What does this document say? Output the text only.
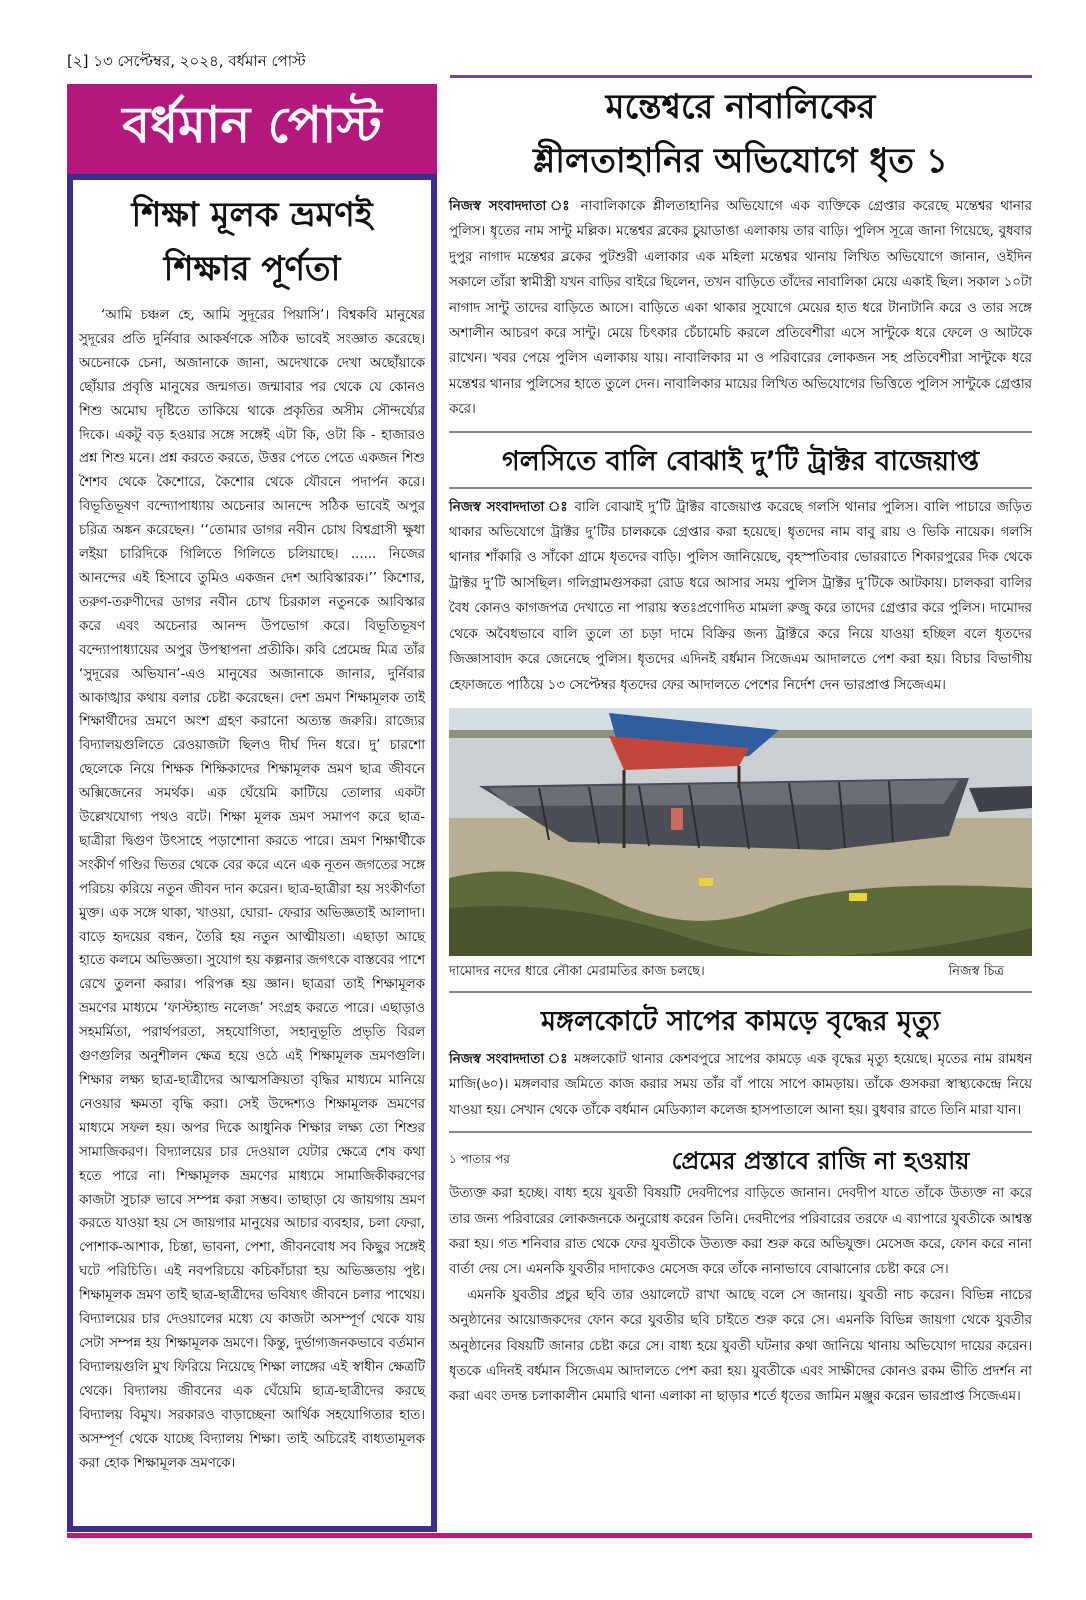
[২] ১৩ সেপ্টেম্বর, ২০২৪, বর্ধমান পোস্ট
বর্ধমান পোস্ট
শিক্ষা মূলক ভ্রমণই
শিক্ষার পূর্ণতা

‘আমি চঞ্চল হে, আমি সুদূরের পিয়াসি’। বিশ্বকবি মানুষের সুদূরের প্রতি দুর্নিবার আকর্ষণকে সঠিক ভাবেই সংজ্ঞাত করেছে। অচেনাকে চেনা, অজানাকে জানা, অদেখাকে দেখা অছোঁয়াকে ছোঁয়ার প্রবৃত্তি মানুষের জন্মগত। জন্মাবার পর থেকে যে কোনও শিশু অমোঘ দৃষ্টিতে তাকিয়ে থাকে প্রকৃতির অসীম সৌন্দর্য্যের দিকে। একটু বড় হওয়ার সঙ্গে সঙ্গেই এটা কি, ওটা কি - হাজারও প্রশ্ন শিশু মনে। প্রশ্ন করতে করতে, উত্তর পেতে পেতে একজন শিশু শৈশব থেকে কৈশোরে, কৈশোর থেকে যৌবনে পদার্পন করে। বিভূতিভূষণ বন্দ্যোপাধ্যায় অচেনার আনন্দে সঠিক ভাবেই অপুর চরিত্র অঙ্কন করেছেন। ‘‘তোমার ডাগর নবীন চোখ বিশ্বগ্রাসী ক্ষুধা লইয়া চারিদিকে গিলিতে গিলিতে চলিয়াছে। ...... নিজের আনন্দের এই হিসাবে তুমিও একজন দেশ আবিস্কারক।’’ কিশোর, তরুণ-তরুণীদের ডাগর নবীন চোখ চিরকাল নতুনকে আবিস্কার করে এবং অচেনার আনন্দ উপভোগ করে। বিভূতিভূষণ বন্দ্যোপাধ্যায়ের অপুর উপস্থাপনা প্রতীকি। কবি প্রেমেন্দ্র মিত্র তাঁর ‘সুদূরের অভিযান’-এও মানুষের অজানাকে জানার, দুর্নিবার আকাঙ্খার কথায় বলার চেষ্টা করেছেন। দেশ ভ্রমণ শিক্ষামূলক তাই শিক্ষার্থীদের ভ্রমণে অংশ গ্রহণ করানো অত্যন্ত জরুরি। রাজ্যের বিদ্যালয়গুলিতে রেওয়াজটা ছিলও দীর্ঘ দিন ধরে। দু’ চারশো ছেলেকে নিয়ে শিক্ষক শিক্ষিকাদের শিক্ষামূলক ভ্রমণ ছাত্র জীবনে অক্সিজেনের সমর্থক। এক ঘেঁয়েমি কাটিয়ে তোলার একটা উল্লেখযোগ্য পথও বটে। শিক্ষা মূলক ভ্রমণ সমাপণ করে ছাত্র-ছাত্রীরা দ্বিগুণ উৎসাহে পড়াশোনা করতে পারে। ভ্রমণ শিক্ষার্থীকে সংকীর্ণ গণ্ডির ভিতর থেকে বের করে এনে এক নূতন জগতের সঙ্গে পরিচয় করিয়ে নতুন জীবন দান করেন। ছাত্র-ছাত্রীরা হয় সংকীর্ণতা মুক্ত। এক সঙ্গে থাকা, খাওয়া, ঘোরা- ফেরার অভিজ্ঞতাই আলাদা। বাড়ে হৃদয়ের বন্ধন, তৈরি হয় নতুন আত্মীয়তা। এছাড়া আছে হাতে কলমে অভিজ্ঞতা। সুযোগ হয় কল্পনার জগৎকে বাস্তবের পাশে রেখে তুলনা করার। পরিপক্ক হয় জ্ঞান। ছাত্ররা তাই শিক্ষামূলক ভ্রমণের মাধ্যমে ‘ফাস্টহ্যান্ড নলেজ’ সংগ্রহ করতে পারে। এছাড়াও সহমর্মিতা, পরার্থপরতা, সহযোগিতা, সহানুভূতি প্রভৃতি বিরল গুণগুলির অনুশীলন ক্ষেত্র হয়ে ওঠে এই শিক্ষামূলক ভ্রমণগুলি। শিক্ষার লক্ষ্য ছাত্র-ছাত্রীদের আত্মসক্রিয়তা বৃদ্ধির মাধ্যমে মানিয়ে নেওয়ার ক্ষমতা বৃদ্ধি করা। সেই উদ্দেশ্যও শিক্ষামূলক ভ্রমণের মাধ্যমে সফল হয়। অপর দিকে আধুনিক শিক্ষার লক্ষ্য তো শিশুর সামাজিকরণ। বিদ্যালয়ের চার দেওয়াল যেটার ক্ষেত্রে শেষ কথা হতে পারে না। শিক্ষামূলক ভ্রমণের মাধ্যমে সামাজিকীকরণের কাজটা সুচারু ভাবে সম্পন্ন করা সম্ভব। তাছাড়া যে জায়গায় ভ্রমণ করতে যাওয়া হয় সে জায়গার মানুষের আচার ব্যবহার, চলা ফেরা, পোশাক-আশাক, চিন্তা, ভাবনা, পেশা, জীবনবোধ সব কিছুর সঙ্গেই ঘটে পরিচিতি। এই নবপরিচয়ে কচিকাঁচারা হয় অভিজ্ঞতায় পুষ্ট। শিক্ষামূলক ভ্রমণ তাই ছাত্র-ছাত্রীদের ভবিষ্যৎ জীবনে চলার পাথেয়। বিদ্যালয়ের চার দেওয়ালের মধ্যে যে কাজটা অসম্পূর্ণ থেকে যায় সেটা সম্পন্ন হয় শিক্ষামূলক ভ্রমণে। কিন্তু, দুর্ভাগ্যজনকভাবে বর্তমান বিদ্যালয়গুলি মুখ ফিরিয়ে নিয়েছে শিক্ষা লাঙ্গের এই স্বাধীন ক্ষেত্রটি থেকে। বিদ্যালয় জীবনের এক ঘেঁয়েমি ছাত্র-ছাত্রীদের করছে বিদ্যালয় বিমুখ। সরকারও বাড়াচ্ছেনা আর্থিক সহযোগিতার হাত। অসম্পূর্ণ থেকে যাচ্ছে বিদ্যালয় শিক্ষা। তাই অচিরেই বাধ্যতামূলক করা হোক শিক্ষামূলক ভ্রমণকে।

মন্তেশ্বরে নাবালিকের
শ্লীলতাহানির অভিযোগে ধৃত ১

নিজস্ব সংবাদদাতা ঃ নাবালিকাকে শ্লীলতাহানির অভিযোগে এক ব্যক্তিকে গ্রেপ্তার করেছে মন্তেশ্বর থানার পুলিস। ধৃতের নাম সান্টু মল্লিক। মন্তেশ্বর ব্লকের চুয়াডাঙা এলাকায় তার বাড়ি। পুলিস সূত্রে জানা গিয়েছে, বুধবার দুপুর নাগাদ মন্তেশ্বর ব্লকের পুটশুরী এলাকার এক মহিলা মন্তেশ্বর থানায় লিখিত অভিযোগে জানান, ওইদিন সকালে তাঁরা স্বামীস্ত্রী যখন বাড়ির বাইরে ছিলেন, তখন বাড়িতে তাঁদের নাবালিকা মেয়ে একাই ছিল। সকাল ১০টা নাগাদ সান্টু তাদের বাড়িতে আসে। বাড়িতে একা থাকার সুযোগে মেয়ের হাত ধরে টানাটানি করে ও তার সঙ্গে অশালীন আচরণ করে সান্টু। মেয়ে চিৎকার চেঁচামেচি করলে প্রতিবেশীরা এসে সান্টুকে ধরে ফেলে ও আটকে রাখেন। খবর পেয়ে পুলিস এলাকায় যায়। নাবালিকার মা ও পরিবারের লোকজন সহ প্রতিবেশীরা সান্টুকে ধরে মন্তেশ্বর থানার পুলিসের হাতে তুলে দেন। নাবালিকার মায়ের লিখিত অভিযোগের ভিত্তিতে পুলিস সান্টুকে গ্রেপ্তার করে।

গলসিতে বালি বোঝাই দু’টি ট্রাক্টর বাজেয়াপ্ত

নিজস্ব সংবাদদাতা ঃ বালি বোঝাই দু’টি ট্রাক্টর বাজেয়াপ্ত করেছে গলসি থানার পুলিস। বালি পাচারে জড়িত থাকার অভিযোগে ট্রাক্টর দু’টির চালককে গ্রেপ্তার করা হয়েছে। ধৃতদের নাম বাবু রায় ও ভিকি নায়েক। গলসি থানার শাঁকারি ও সাঁকো গ্রামে ধৃতদের বাড়ি। পুলিস জানিয়েছে, বৃহস্পতিবার ভোররাতে শিকারপুরের দিক থেকে ট্রাক্টর দু’টি আসছিল। গলিগ্রামগুসকরা রোড ধরে আসার সময় পুলিস ট্রাক্টর দু’টিকে আটকায়। চালকরা বালির বৈধ কোনও কাগজপত্র দেখাতে না পারায় স্বতঃপ্রণোদিত মামলা রুজু করে তাদের গ্রেপ্তার করে পুলিস। দামোদর থেকে অবৈধভাবে বালি তুলে তা চড়া দামে বিক্রির জন্য ট্রাক্টরে করে নিয়ে যাওয়া হচ্ছিল বলে ধৃতদের জিজ্ঞাসাবাদ করে জেনেছে পুলিস। ধৃতদের এদিনই বর্ধমান সিজেএম আদালতে পেশ করা হয়। বিচার বিভাগীয় হেফাজতে পাঠিয়ে ১৩ সেপ্টেম্বর ধৃতদের ফের আদালতে পেশের নির্দেশ দেন ভারপ্রাপ্ত সিজেএম।

দামোদর নদের ধারে নৌকা মেরামতির কাজ চলছে।	নিজস্ব চিত্র
মঙ্গলকোটে সাপের কামড়ে বৃদ্ধের মৃত্যু

নিজস্ব সংবাদদাতা ঃ মঙ্গলকোট থানার কেশবপুরে সাপের কামড়ে এক বৃদ্ধের মৃত্যু হয়েছে। মৃতের নাম রামধন মাজি(৬০)। মঙ্গলবার জমিতে কাজ করার সময় তাঁর বাঁ পায়ে সাপে কামড়ায়। তাঁকে গুসকরা স্বাস্থ্যকেন্দ্রে নিয়ে যাওয়া হয়। সেখান থেকে তাঁকে বর্ধমান মেডিক্যাল কলেজ হাসপাতালে আনা হয়। বুধবার রাতে তিনি মারা যান।

১ পাতার পর	প্রেমের প্রস্তাবে রাজি না হওয়ায়

উত্যক্ত করা হচ্ছে। বাধ্য হয়ে যুবতী বিষয়টি দেবদীপের বাড়িতে জানান। দেবদীপ যাতে তাঁকে উত্যক্ত না করে তার জন্য পরিবারের লোকজনকে অনুরোধ করেন তিনি। দেবদীপের পরিবারের তরফে এ ব্যাপারে যুবতীকে আশ্বস্ত করা হয়। গত শনিবার রাত থেকে ফের যুবতীকে উত্যক্ত করা শুরু করে অভিযুক্ত। মেসেজ করে, ফোন করে নানা বার্তা দেয় সে। এমনকি যুবতীর দাদাকেও মেসেজ করে তাঁকে নানাভাবে বোঝানোর চেষ্টা করে সে।

এমনকি যুবতীর প্রচুর ছবি তার ওয়ালেটে রাখা আছে বলে সে জানায়। যুবতী নাচ করেন। বিভিন্ন নাচের অনুষ্ঠানের আয়োজকদের ফোন করে যুবতীর ছবি চাইতে শুরু করে সে। এমনকি বিভিন্ন জায়গা থেকে যুবতীর অনুষ্ঠানের বিষয়টি জানার চেষ্টা করে সে। বাধ্য হয়ে যুবতী ঘটনার কথা জানিয়ে থানায় অভিযোগ দায়ের করেন। ধৃতকে এদিনই বর্ধমান সিজেএম আদালতে পেশ করা হয়। যুবতীকে এবং সাক্ষীদের কোনও রকম ভীতি প্রদর্শন না করা এবং তদন্ত চলাকালীন মেমারি থানা এলাকা না ছাড়ার শর্তে ধৃতের জামিন মঞ্জুর করেন ভারপ্রাপ্ত সিজেএম।
